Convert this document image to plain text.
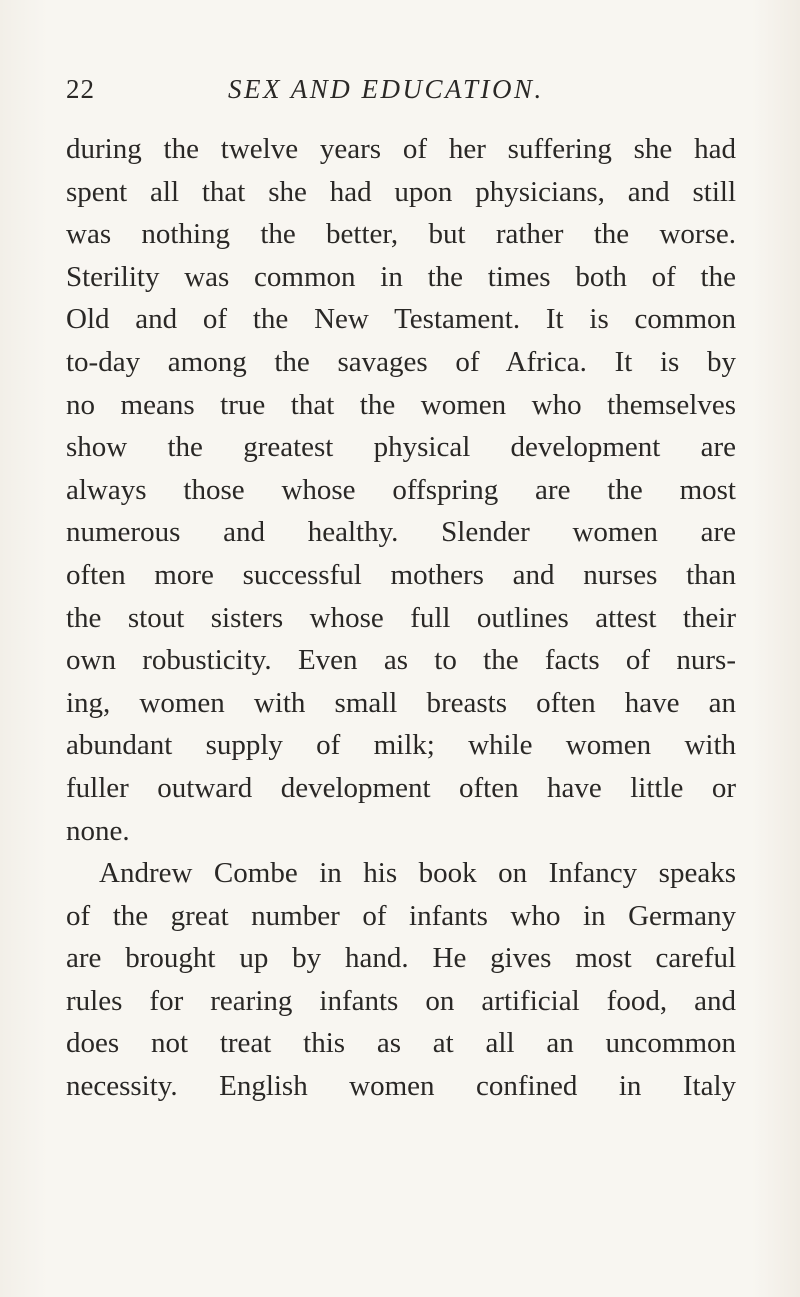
22	SEX AND EDUCATION.
during the twelve years of her suffering she had
spent all that she had upon physicians, and still
was nothing the better, but rather the worse.
Sterility was common in the times both of the
Old and of the New Testament. It is common
to-day among the savages of Africa. It is by
no means true that the women who themselves
show the greatest physical development are
always those whose offspring are the most
numerous and healthy. Slender women are
often more successful mothers and nurses than
the stout sisters whose full outlines attest their
own robusticity. Even as to the facts of nurs-
ing, women with small breasts often have an
abundant supply of milk; while women with
fuller outward development often have little or
none.
Andrew Combe in his book on Infancy speaks
of the great number of infants who in Germany
are brought up by hand. He gives most careful
rules for rearing infants on artificial food, and
does not treat this as at all an uncommon
necessity. English women confined in Italy
